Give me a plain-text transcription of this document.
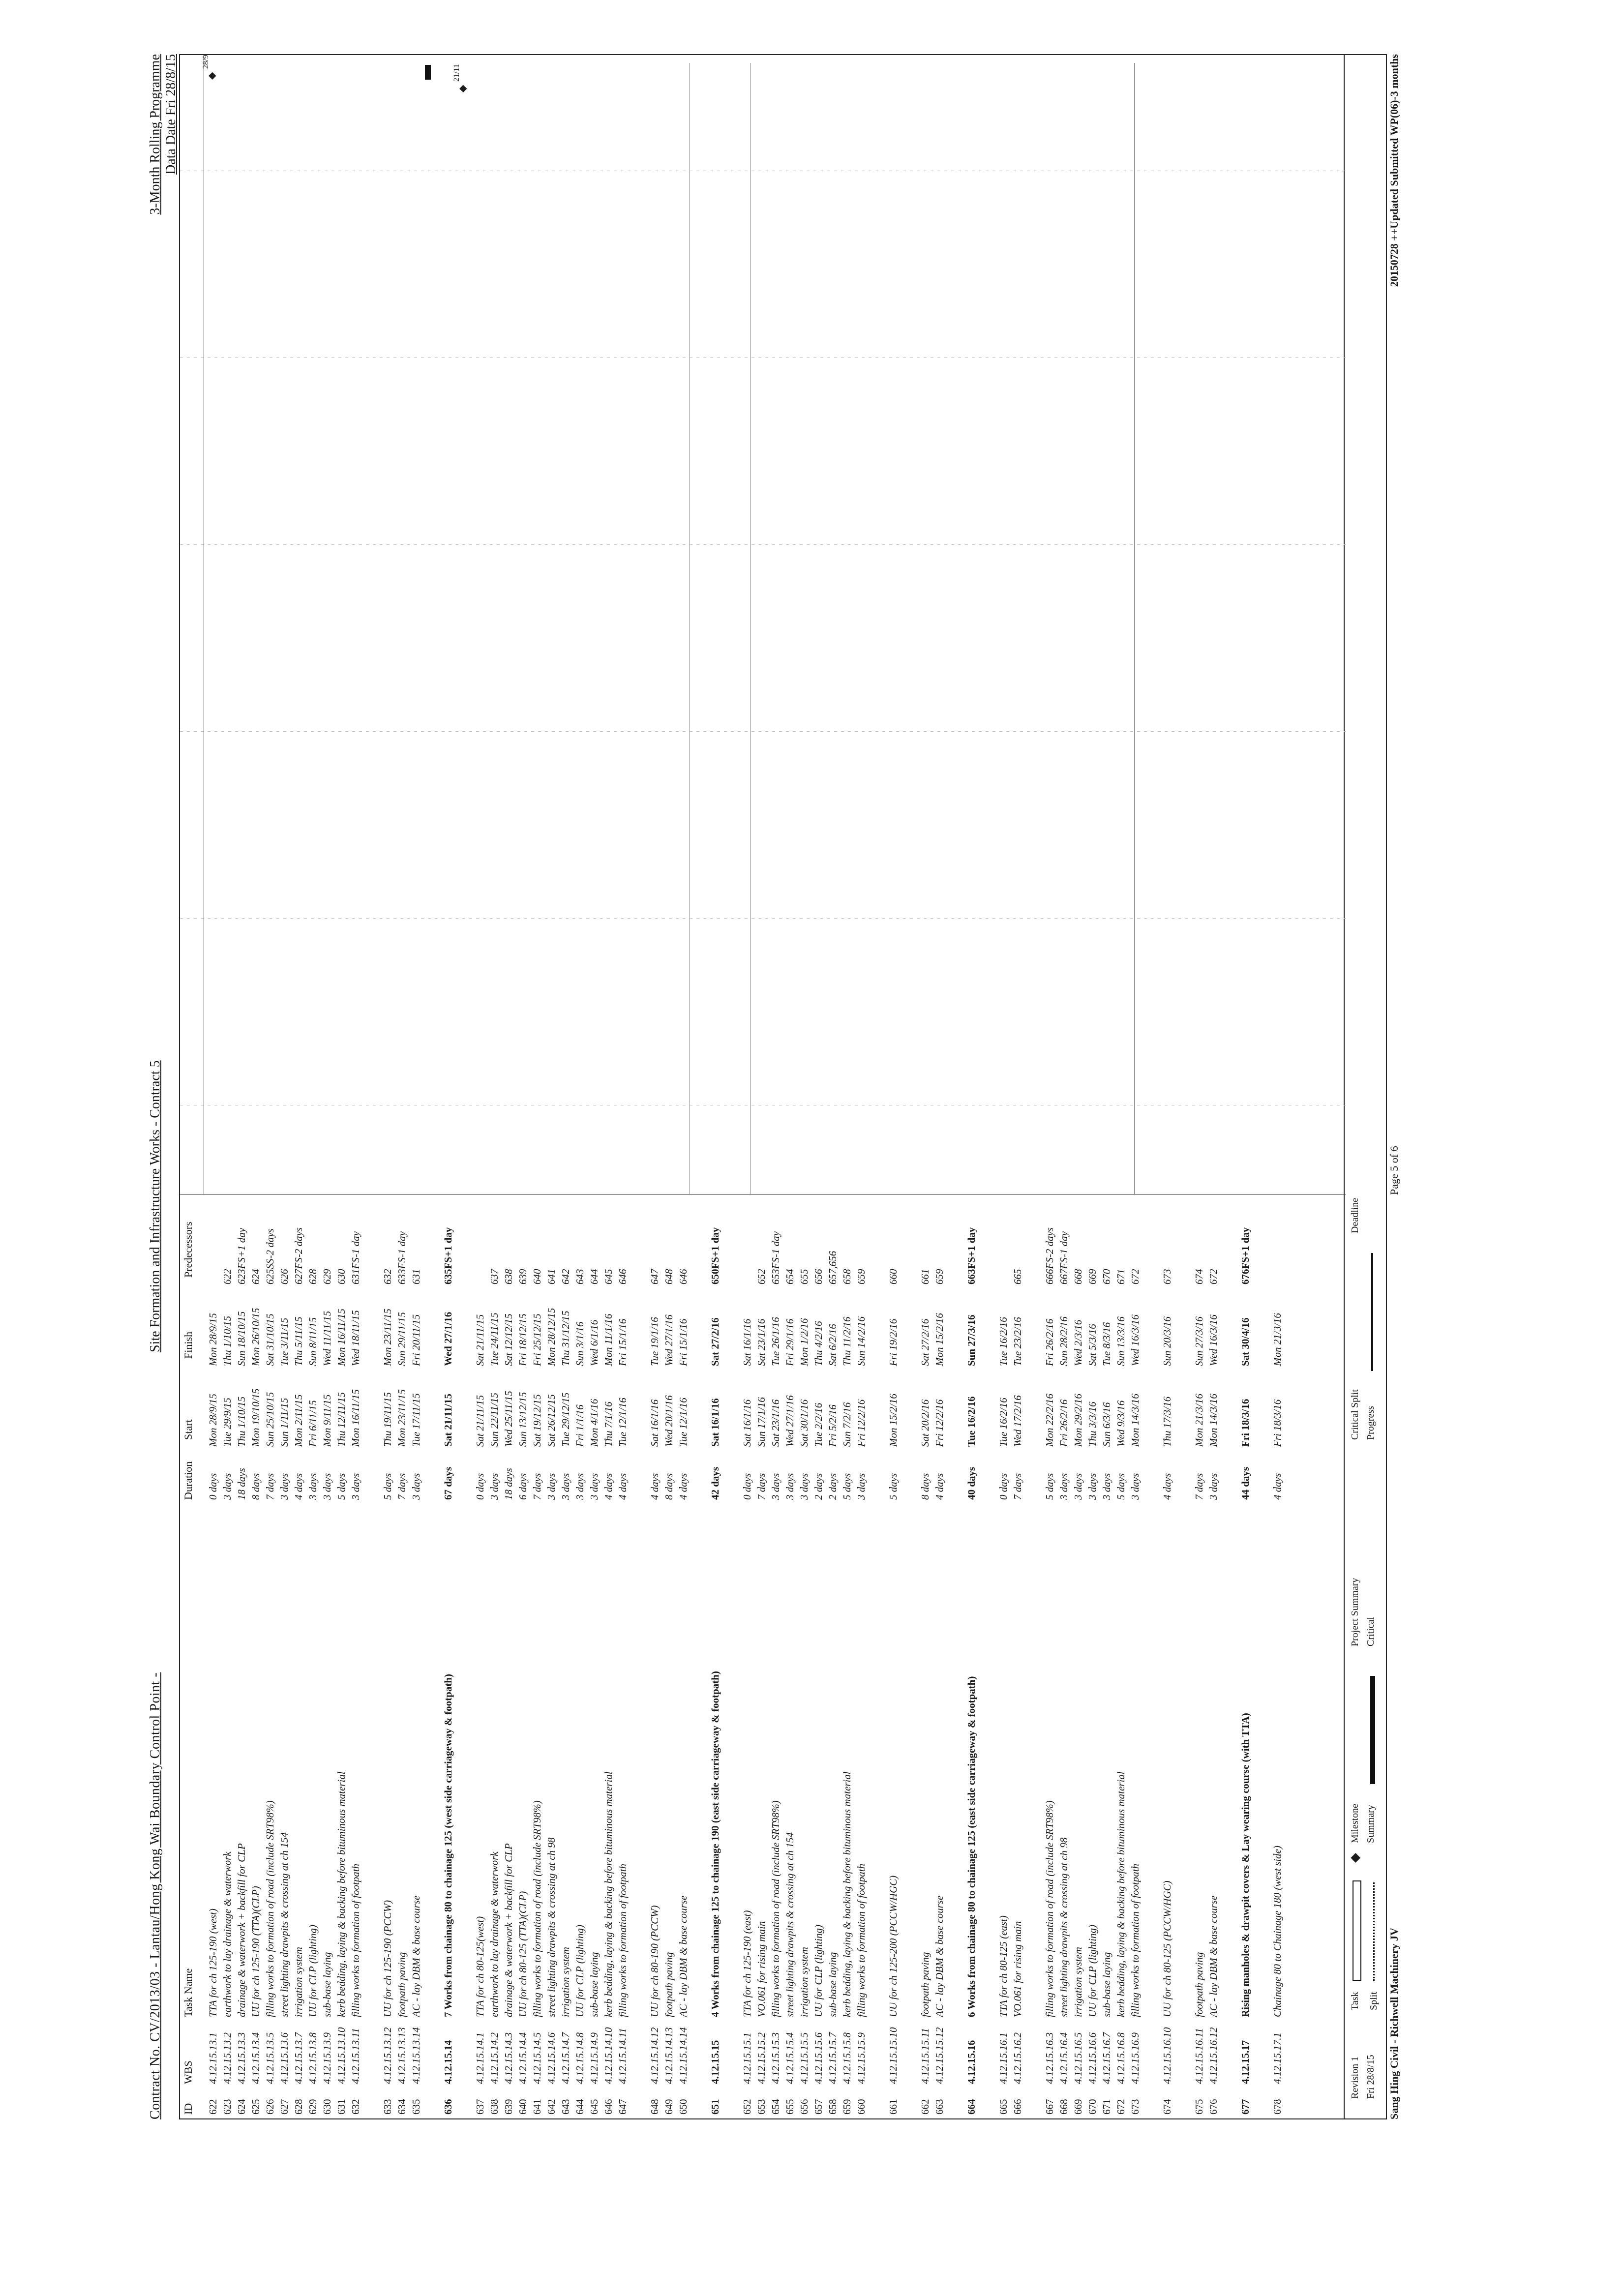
Contract No. CV/2013/03 - Lantau/Hong Kong Wai Boundary Control Point -
Site Formation and Infrastructure Works - Contract 5
3-Month Rolling Programme Data Date Fri 28/8/15
ID
WBS
Task Name
Duration
Start
Finish
Predecessors
622
4.12.15.13.1
TTA for ch 125-190 (west)
0 days
Mon 28/9/15
Mon 28/9/15
623
4.12.15.13.2
earthwork to lay drainage & waterwork
3 days
Tue 29/9/15
Thu 1/10/15
622
624
4.12.15.13.3
drainage & waterwork + backfill for CLP
18 days
Thu 1/10/15
Sun 18/10/15
623FS+1 day
625
4.12.15.13.4
UU for ch 125-190 (TTA)(CLP)
8 days
Mon 19/10/15
Mon 26/10/15
624
626
4.12.15.13.5
filling works to formation of road (include SRT98%)
7 days
Sun 25/10/15
Sat 31/10/15
625SS-2 days
627
4.12.15.13.6
street lighting drawpits & crossing at ch 154
3 days
Sun 1/11/15
Tue 3/11/15
626
628
4.12.15.13.7
irrigation system
4 days
Mon 2/11/15
Thu 5/11/15
627FS-2 days
629
4.12.15.13.8
UU for CLP (lighting)
3 days
Fri 6/11/15
Sun 8/11/15
628
630
4.12.15.13.9
sub-base laying
3 days
Mon 9/11/15
Wed 11/11/15
629
631
4.12.15.13.10
kerb bedding, laying & backing before bituminous material
5 days
Thu 12/11/15
Mon 16/11/15
630
632
4.12.15.13.11
filling works to formation of footpath
3 days
Mon 16/11/15
Wed 18/11/15
631FS-1 day
633
4.12.15.13.12
UU for ch 125-190 (PCCW)
5 days
Thu 19/11/15
Mon 23/11/15
632
634
4.12.15.13.13
footpath paving
7 days
Mon 23/11/15
Sun 29/11/15
633FS-1 day
635
4.12.15.13.14
AC - lay DBM & base course
3 days
Tue 17/11/15
Fri 20/11/15
631
636
4.12.15.14
7 Works from chainage 80 to chainage 125 (west side carriageway & footpath)
67 days
Sat 21/11/15
Wed 27/1/16
635FS+1 day
637
4.12.15.14.1
TTA for ch 80-125(west)
0 days
Sat 21/11/15
Sat 21/11/15
638
4.12.15.14.2
earthwork to lay drainage & waterwork
3 days
Sun 22/11/15
Tue 24/11/15
637
639
4.12.15.14.3
drainage & waterwork + backfill for CLP
18 days
Wed 25/11/15
Sat 12/12/15
638
640
4.12.15.14.4
UU for ch 80-125 (TTA)(CLP)
6 days
Sun 13/12/15
Fri 18/12/15
639
641
4.12.15.14.5
filling works to formation of road (include SRT98%)
7 days
Sat 19/12/15
Fri 25/12/15
640
642
4.12.15.14.6
street lighting drawpits & crossing at ch 98
3 days
Sat 26/12/15
Mon 28/12/15
641
643
4.12.15.14.7
irrigation system
3 days
Tue 29/12/15
Thu 31/12/15
642
644
4.12.15.14.8
UU for CLP (lighting)
3 days
Fri 1/1/16
Sun 3/1/16
643
645
4.12.15.14.9
sub-base laying
3 days
Mon 4/1/16
Wed 6/1/16
644
646
4.12.15.14.10
kerb bedding, laying & backing before bituminous material
4 days
Thu 7/1/16
Mon 11/1/16
645
647
4.12.15.14.11
filling works to formation of footpath
4 days
Tue 12/1/16
Fri 15/1/16
646
648
4.12.15.14.12
UU for ch 80-190 (PCCW)
4 days
Sat 16/1/16
Tue 19/1/16
647
649
4.12.15.14.13
footpath paving
8 days
Wed 20/1/16
Wed 27/1/16
648
650
4.12.15.14.14
AC - lay DBM & base course
4 days
Tue 12/1/16
Fri 15/1/16
646
651
4.12.15.15
4 Works from chainage 125 to chainage 190 (east side carriageway & footpath)
42 days
Sat 16/1/16
Sat 27/2/16
650FS+1 day
652
4.12.15.15.1
TTA for ch 125-190 (east)
0 days
Sat 16/1/16
Sat 16/1/16
653
4.12.15.15.2
VO.061 for rising main
7 days
Sun 17/1/16
Sat 23/1/16
652
654
4.12.15.15.3
filling works to formation of road (include SRT98%)
3 days
Sat 23/1/16
Tue 26/1/16
653FS-1 day
655
4.12.15.15.4
street lighting drawpits & crossing at ch 154
3 days
Wed 27/1/16
Fri 29/1/16
654
656
4.12.15.15.5
irrigation system
3 days
Sat 30/1/16
Mon 1/2/16
655
657
4.12.15.15.6
UU for CLP (lighting)
2 days
Tue 2/2/16
Thu 4/2/16
656
658
4.12.15.15.7
sub-base laying
2 days
Fri 5/2/16
Sat 6/2/16
657,656
659
4.12.15.15.8
kerb bedding, laying & backing before bituminous material
5 days
Sun 7/2/16
Thu 11/2/16
658
660
4.12.15.15.9
filling works to formation of footpath
3 days
Fri 12/2/16
Sun 14/2/16
659
661
4.12.15.15.10
UU for ch 125-200 (PCCW/HGC)
5 days
Mon 15/2/16
Fri 19/2/16
660
662
4.12.15.15.11
footpath paving
8 days
Sat 20/2/16
Sat 27/2/16
661
663
4.12.15.15.12
AC - lay DBM & base course
4 days
Fri 12/2/16
Mon 15/2/16
659
664
4.12.15.16
6 Works from chainage 80 to chainage 125 (east side carriageway & footpath)
40 days
Tue 16/2/16
Sun 27/3/16
663FS+1 day
665
4.12.15.16.1
TTA for ch 80-125 (east)
0 days
Tue 16/2/16
Tue 16/2/16
666
4.12.15.16.2
VO.061 for rising main
7 days
Wed 17/2/16
Tue 23/2/16
665
667
4.12.15.16.3
filling works to formation of road (include SRT98%)
5 days
Mon 22/2/16
Fri 26/2/16
666FS-2 days
668
4.12.15.16.4
street lighting drawpits & crossing at ch 98
3 days
Fri 26/2/16
Sun 28/2/16
667FS-1 day
669
4.12.15.16.5
irrigation system
3 days
Mon 29/2/16
Wed 2/3/16
668
670
4.12.15.16.6
UU for CLP (lighting)
3 days
Thu 3/3/16
Sat 5/3/16
669
671
4.12.15.16.7
sub-base laying
3 days
Sun 6/3/16
Tue 8/3/16
670
672
4.12.15.16.8
kerb bedding, laying & backing before bituminous material
5 days
Wed 9/3/16
Sun 13/3/16
671
673
4.12.15.16.9
filling works to formation of footpath
3 days
Mon 14/3/16
Wed 16/3/16
672
674
4.12.15.16.10
UU for ch 80-125 (PCCW/HGC)
4 days
Thu 17/3/16
Sun 20/3/16
673
675
4.12.15.16.11
footpath paving
7 days
Mon 21/3/16
Sun 27/3/16
674
676
4.12.15.16.12
AC - lay DBM & base course
3 days
Mon 14/3/16
Wed 16/3/16
672
677
4.12.15.17
Rising manholes & drawpit covers & Lay wearing course (with TTA)
44 days
Fri 18/3/16
Sat 30/4/16
676FS+1 day
678
4.12.15.17.1
Chainage 80 to Chainage 180 (west side)
4 days
Fri 18/3/16
Mon 21/3/16
◆
28/9
◆
21/11
Revision 1 Fri 28/8/15
Task Split
◆
Milestone Summary
Project Summary Critical
Critical Split Progress
Deadline
Sang Hing Civil - Richwell Machinery JV
Page 5 of 6
20150728 ++Updated Submitted WP(06)-3 months
